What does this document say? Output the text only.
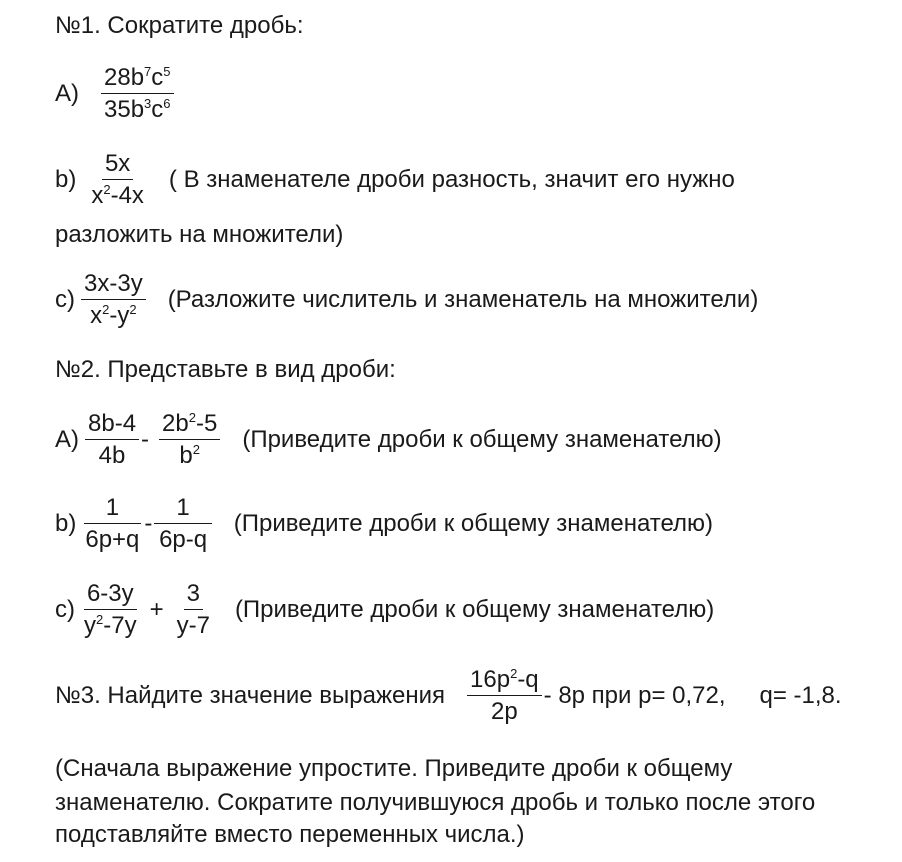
№1. Сократите дробь:
$А) \frac{28b^7c^5}{35b^3c^6}$
$b) \frac{5x}{x^2-4x}$ ( В знаменателе дроби разность, значит его нужно
разложить на множители)
$c) \frac{3x-3y}{x^2-y^2}$ (Разложите числитель и знаменатель на множители)
№2. Представьте в вид дроби:
$А) \frac{8b-4}{4b} - \frac{2b^2-5}{b^2}$ (Приведите дроби к общему знаменателю)
$b) \frac{1}{6p+q} - \frac{1}{6p-q}$ (Приведите дроби к общему знаменателю)
$c) \frac{6-3y}{y^2-7y} + \frac{3}{y-7}$ (Приведите дроби к общему знаменателю)
№3. Найдите значение выражения $\frac{16p^2-q}{2p} - 8p$ при p= 0,72, q= -1,8.
(Сначала выражение упростите. Приведите дроби к общему
знаменателю. Сократите получившуюся дробь и только после этого
подставляйте вместо переменных числа.)
